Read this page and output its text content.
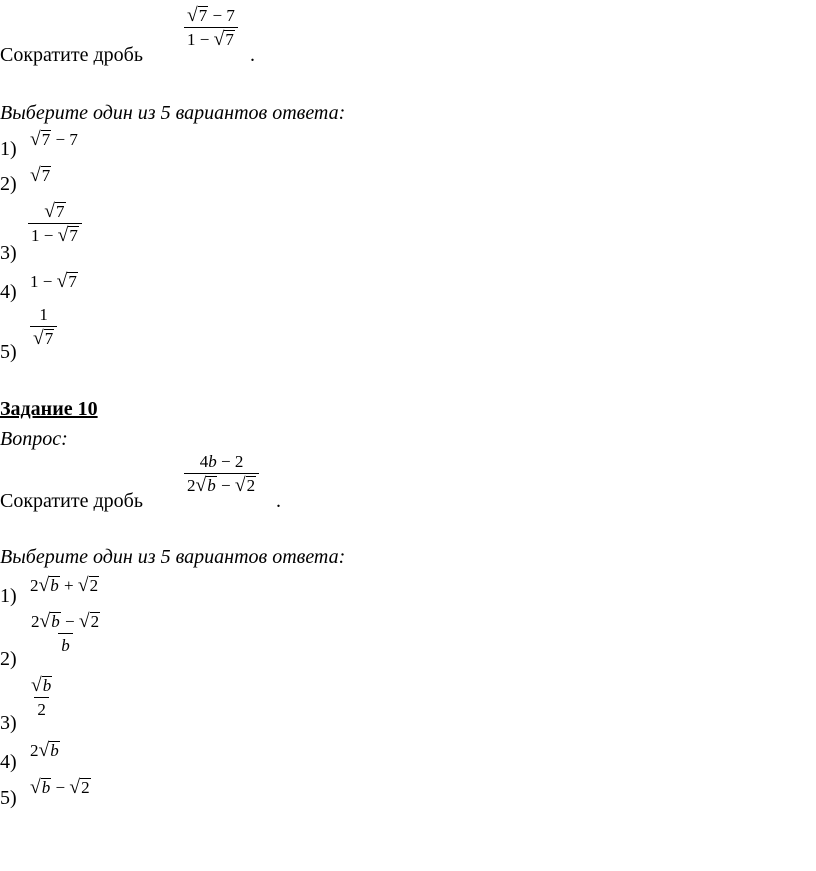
Сократите дробь
$\frac{√ 7 - 7}{1 - √ 7}$
.
Выберите один из 5 вариантов ответа:
1) √ 7 − 7
2) √ 7
3)
$\frac{√ 7}{1 - √ 7}$
4) 1 − √ 7
5)
$\frac{1}{√ 7}$
Задание 10
Вопрос:
Сократите дробь
$\frac{4b - 2}{2 √ b - √ 2}$
.
Выберите один из 5 вариантов ответа:
1) 2 √ b + √ 2
2)
$\frac{2 √ b - √ 2}{b}$
3)
$\frac{√ b}{2}$
4)
2 √ b
5) √ b − √ 2
